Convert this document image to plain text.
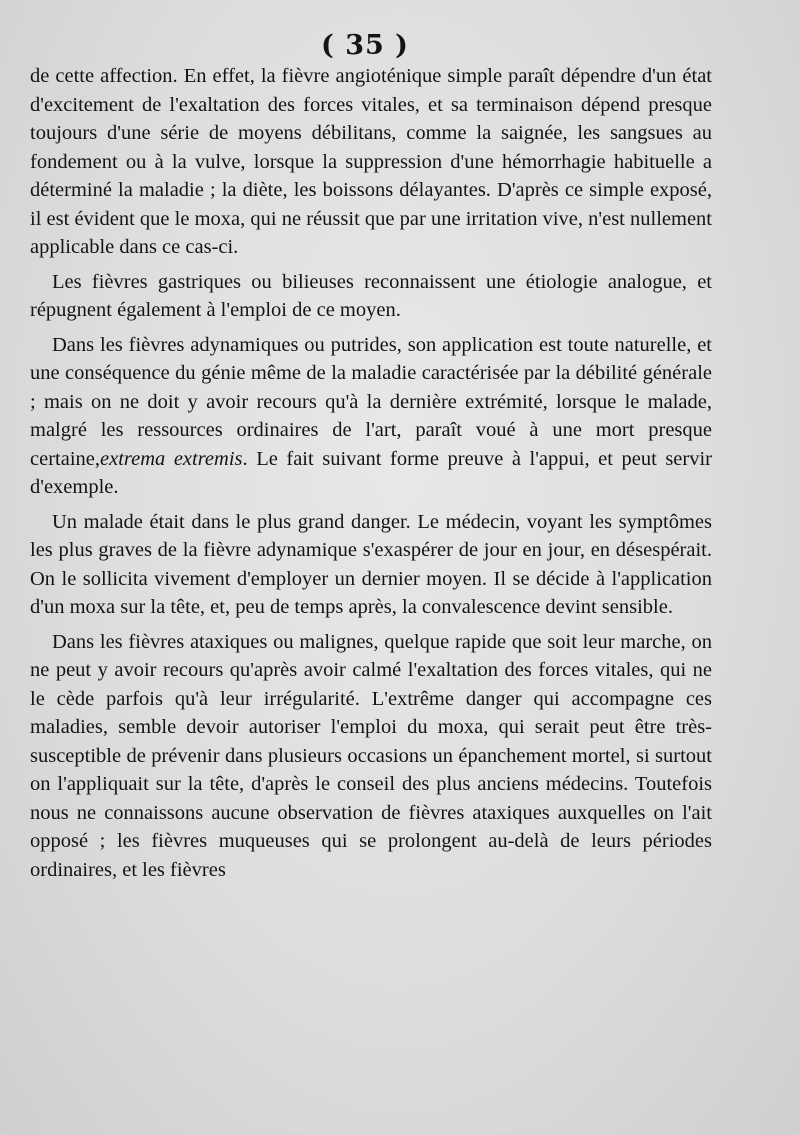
( 35 )

de cette affection. En effet, la fièvre angioténique simple paraît dépendre d'un état d'excitement de l'exaltation des forces vitales, et sa terminaison dépend presque toujours d'une série de moyens débilitans, comme la saignée, les sangsues au fondement ou à la vulve, lorsque la suppression d'une hémorrhagie habituelle a déterminé la maladie ; la diète, les boissons délayantes. D'après ce simple exposé, il est évident que le moxa, qui ne réussit que par une irritation vive, n'est nullement applicable dans ce cas-ci.

Les fièvres gastriques ou bilieuses reconnaissent une étiologie analogue, et répugnent également à l'emploi de ce moyen.

Dans les fièvres adynamiques ou putrides, son application est toute naturelle, et une conséquence du génie même de la maladie caractérisée par la débilité générale ; mais on ne doit y avoir recours qu'à la dernière extrémité, lorsque le malade, malgré les ressources ordinaires de l'art, paraît voué à une mort presque certaine,extrema extremis. Le fait suivant forme preuve à l'appui, et peut servir d'exemple.

Un malade était dans le plus grand danger. Le médecin, voyant les symptômes les plus graves de la fièvre adynamique s'exaspérer de jour en jour, en désespérait. On le sollicita vivement d'employer un dernier moyen. Il se décide à l'application d'un moxa sur la tête, et, peu de temps après, la convalescence devint sensible.

Dans les fièvres ataxiques ou malignes, quelque rapide que soit leur marche, on ne peut y avoir recours qu'après avoir calmé l'exaltation des forces vitales, qui ne le cède parfois qu'à leur irrégularité. L'extrême danger qui accompagne ces maladies, semble devoir autoriser l'emploi du moxa, qui serait peut être très-susceptible de prévenir dans plusieurs occasions un épanchement mortel, si surtout on l'appliquait sur la tête, d'après le conseil des plus anciens médecins. Toutefois nous ne connaissons aucune observation de fièvres ataxiques auxquelles on l'ait opposé ; les fièvres muqueuses qui se prolongent au-delà de leurs périodes ordinaires, et les fièvres
